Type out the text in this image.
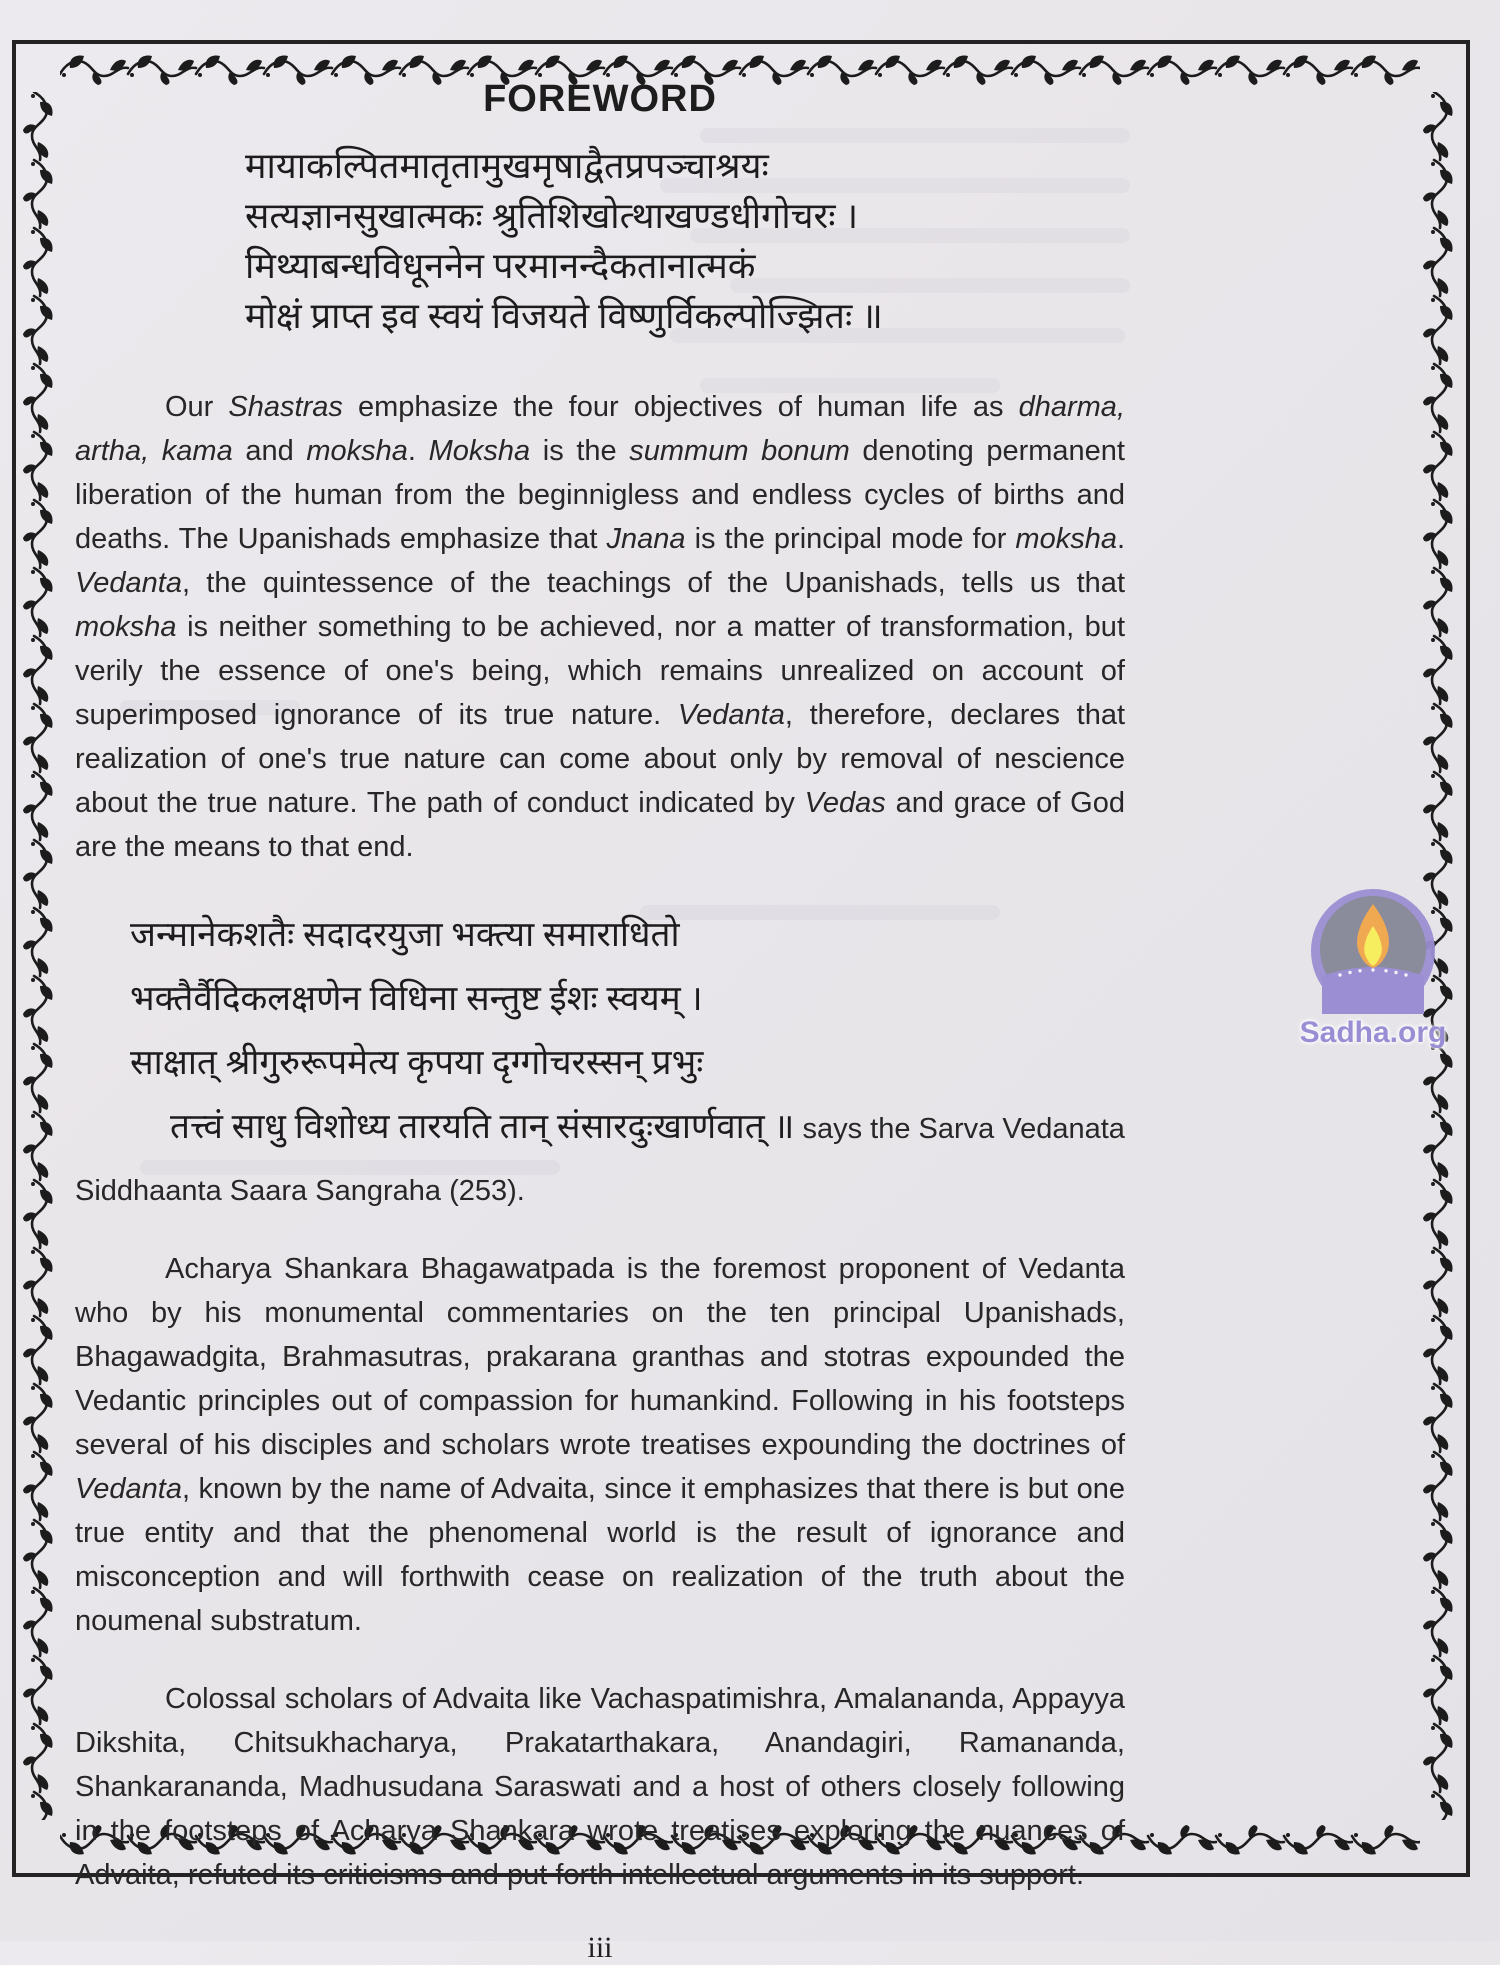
FOREWORD
मायाकल्पितमातृतामुखमृषाद्वैतप्रपञ्चाश्रयः
सत्यज्ञानसुखात्मकः श्रुतिशिखोत्थाखण्डधीगोचरः ।
मिथ्याबन्धविधूननेन परमानन्दैकतानात्मकं
मोक्षं प्राप्त इव स्वयं विजयते विष्णुर्विकल्पोज्झितः ॥

Our Shastras emphasize the four objectives of human life as dharma, artha, kama and moksha. Moksha is the summum bonum denoting permanent liberation of the human from the beginnigless and endless cycles of births and deaths. The Upanishads emphasize that Jnana is the principal mode for moksha. Vedanta, the quintessence of the teachings of the Upanishads, tells us that moksha is neither something to be achieved, nor a matter of transformation, but verily the essence of one's being, which remains unrealized on account of superimposed ignorance of its true nature. Vedanta, therefore, declares that realization of one's true nature can come about only by removal of nescience about the true nature. The path of conduct indicated by Vedas and grace of God are the means to that end.

जन्मानेकशतैः सदादरयुजा भक्त्या समाराधितो
भक्तैर्वैदिकलक्षणेन विधिना सन्तुष्ट ईशः स्वयम् ।
साक्षात् श्रीगुरुरूपमेत्य कृपया दृग्गोचरस्सन् प्रभुः
तत्त्वं साधु विशोध्य तारयति तान् संसारदुःखार्णवात् ॥ says the Sarva Vedanata

Siddhaanta Saara Sangraha (253).

Acharya Shankara Bhagawatpada is the foremost proponent of Vedanta who by his monumental commentaries on the ten principal Upanishads, Bhagawadgita, Brahmasutras, prakarana granthas and stotras expounded the Vedantic principles out of compassion for humankind. Following in his footsteps several of his disciples and scholars wrote treatises expounding the doctrines of Vedanta, known by the name of Advaita, since it emphasizes that there is but one true entity and that the phenomenal world is the result of ignorance and misconception and will forthwith cease on realization of the truth about the noumenal substratum.

Colossal scholars of Advaita like Vachaspatimishra, Amalananda, Appayya Dikshita, Chitsukhacharya, Prakatarthakara, Anandagiri, Ramananda, Shankarananda, Madhusudana Saraswati and a host of others closely following in the footsteps of Acharya Shankara wrote treatises exploring the nuances of Advaita, refuted its criticisms and put forth intellectual arguments in its support.

iii
Sadha.org
